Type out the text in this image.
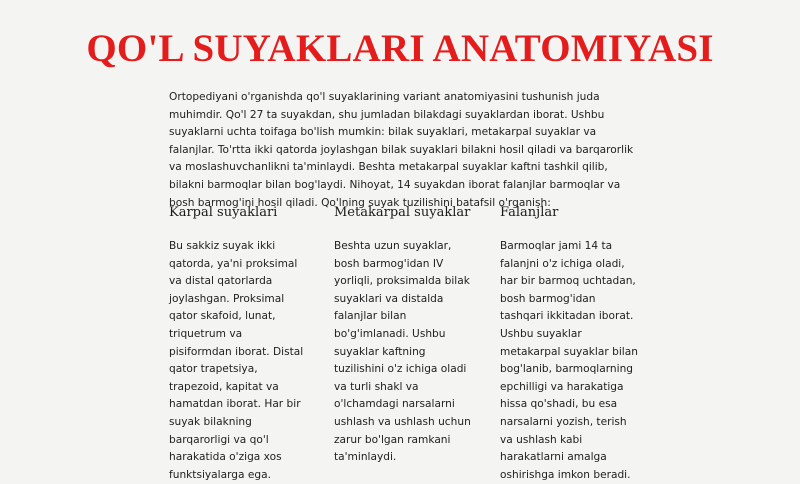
QO'L SUYAKLARI ANATOMIYASI

Ortopediyani o'rganishda qo'l suyaklarining variant anatomiyasini tushunish juda muhimdir. Qo'l 27 ta suyakdan, shu jumladan bilakdagi suyaklardan iborat. Ushbu suyaklarni uchta toifaga bo'lish mumkin: bilak suyaklari, metakarpal suyaklar va falanjlar. To'rtta ikki qatorda joylashgan bilak suyaklari bilakni hosil qiladi va barqarorlik va moslashuvchanlikni ta'minlaydi. Beshta metakarpal suyaklar kaftni tashkil qilib, bilakni barmoqlar bilan bog'laydi. Nihoyat, 14 suyakdan iborat falanjlar barmoqlar va bosh barmog'ini hosil qiladi. Qo'lning suyak tuzilishini batafsil o'rganish:

Karpal suyaklari

Bu sakkiz suyak ikki qatorda, ya'ni proksimal va distal qatorlarda joylashgan. Proksimal qator skafoid, lunat, triquetrum va pisiformdan iborat. Distal qator trapetsiya, trapezoid, kapitat va hamatdan iborat. Har bir suyak bilakning barqarorligi va qo'l harakatida o'ziga xos funktsiyalarga ega.

Metakarpal suyaklar

Beshta uzun suyaklar, bosh barmog'idan IV yorliqli, proksimalda bilak suyaklari va distalda falanjlar bilan bo'g'imlanadi. Ushbu suyaklar kaftning tuzilishini o'z ichiga oladi va turli shakl va o'lchamdagi narsalarni ushlash va ushlash uchun zarur bo'lgan ramkani ta'minlaydi.

Falanjlar

Barmoqlar jami 14 ta falanjni o'z ichiga oladi, har bir barmoq uchtadan, bosh barmog'idan tashqari ikkitadan iborat. Ushbu suyaklar metakarpal suyaklar bilan bog'lanib, barmoqlarning epchilligi va harakatiga hissa qo'shadi, bu esa narsalarni yozish, terish va ushlash kabi harakatlarni amalga oshirishga imkon beradi.
